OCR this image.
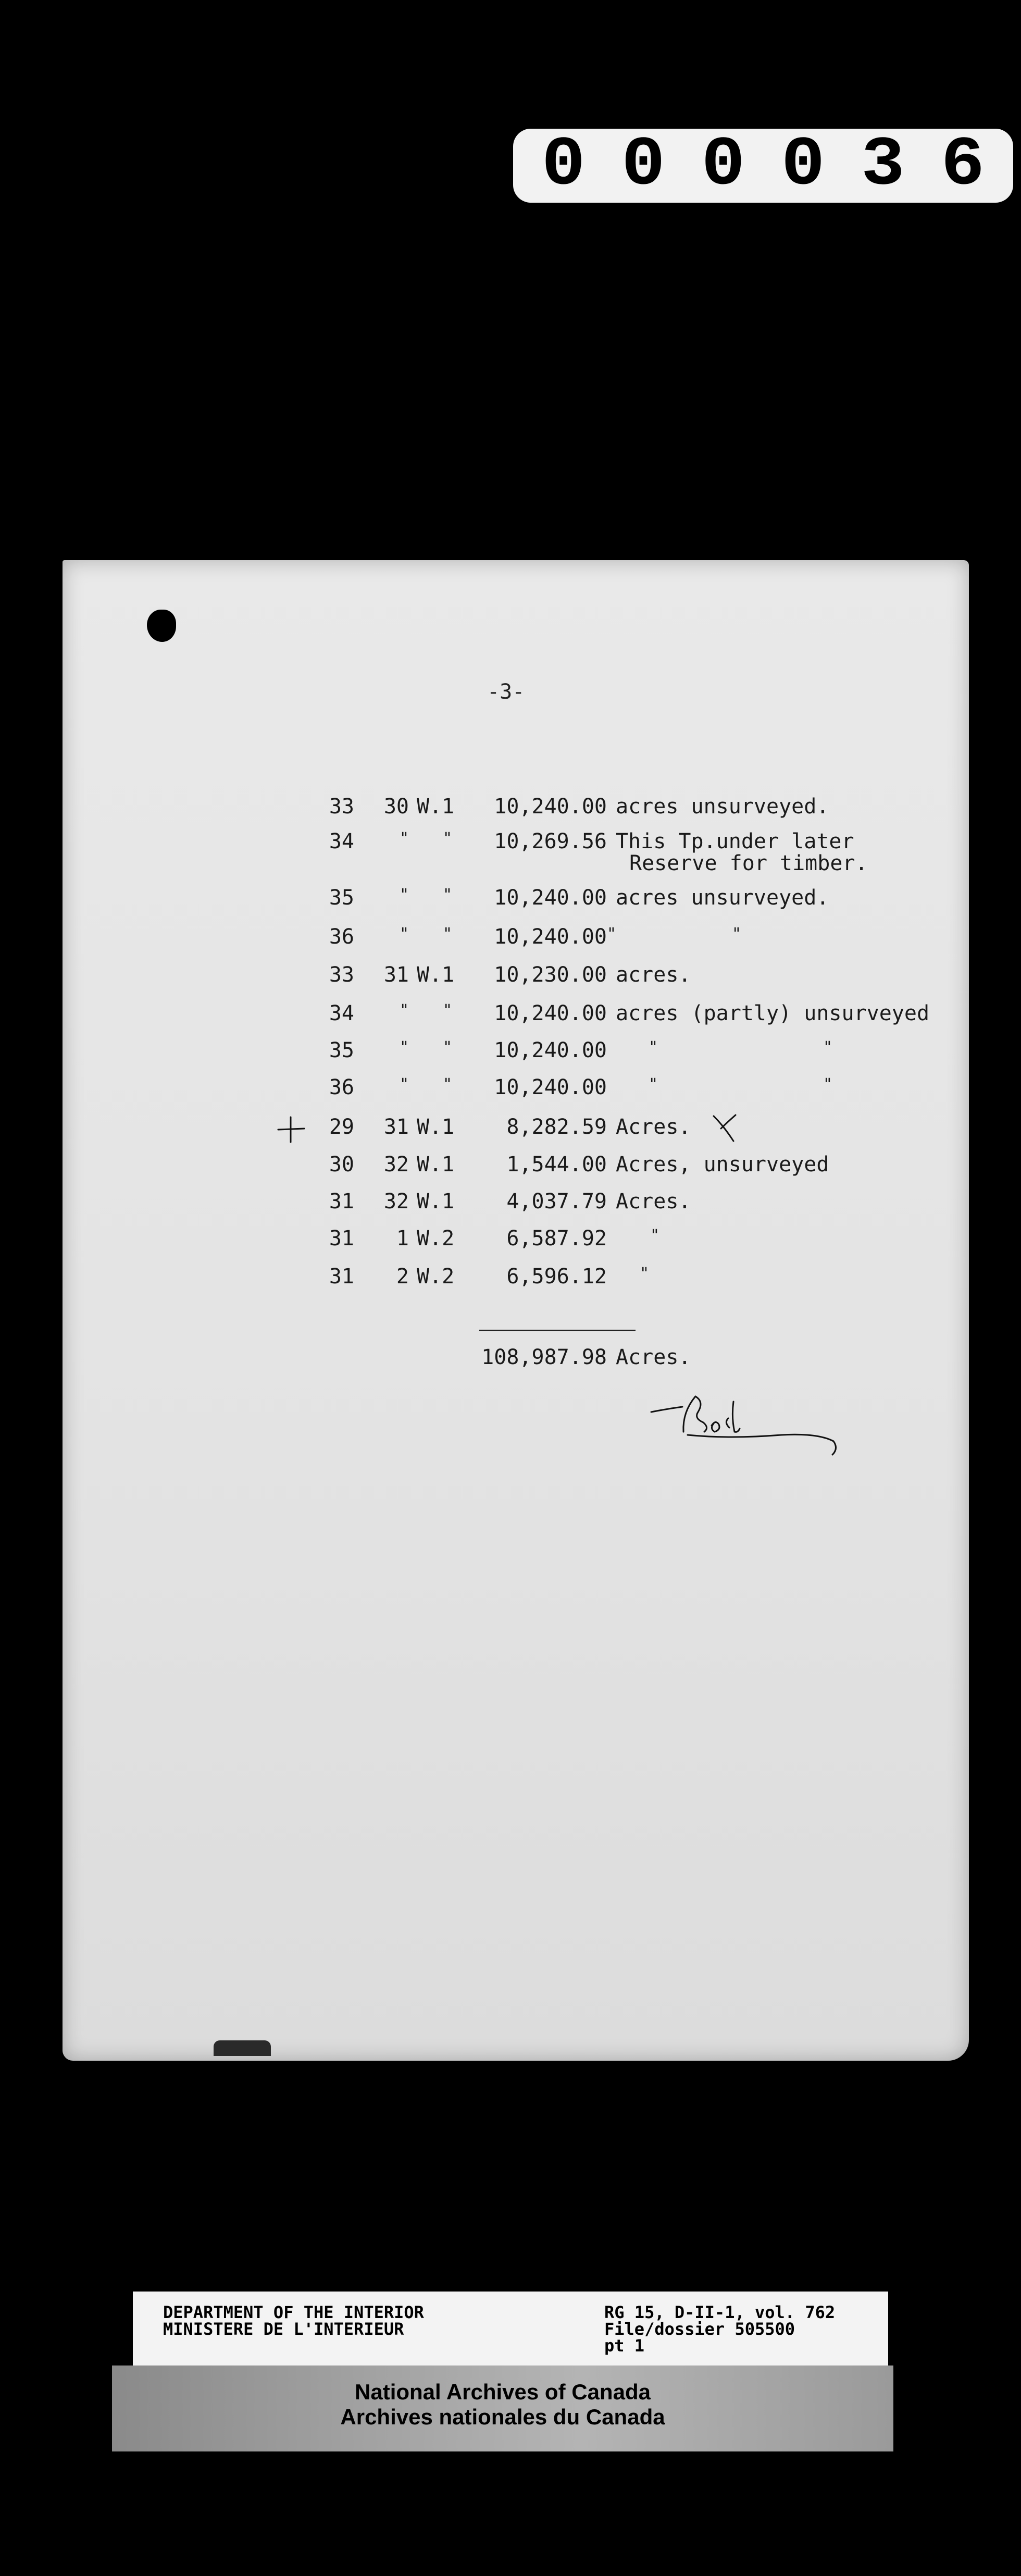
0 0 0 0 3 6
-3-
33	30 W.1	10,240.00 acres unsurveyed.
34	" "	10,269.56 This Tp.under later
Reserve for timber.
35	" "	10,240.00 acres unsurveyed.
36	" "	10,240.00 "	"
33	31 W.1	10,230.00 acres.
34	" "	10,240.00 acres (partly) unsurveyed
35	" "	10,240.00	"	"
36	" "	10,240.00	"	"
29	31 W.1	8,282.59 Acres.
30	32 W.1	1,544.00 Acres, unsurveyed
31	32 W.1	4,037.79 Acres.
31	1 W.2	6,587.92	"
31	2 W.2	6,596.12 "
108,987.98 Acres.
DEPARTMENT OF THE INTERIOR
MINISTERE DE L'INTERIEUR
RG 15, D-II-1, vol. 762
File/dossier 505500
pt 1
National Archives of Canada
Archives nationales du Canada
